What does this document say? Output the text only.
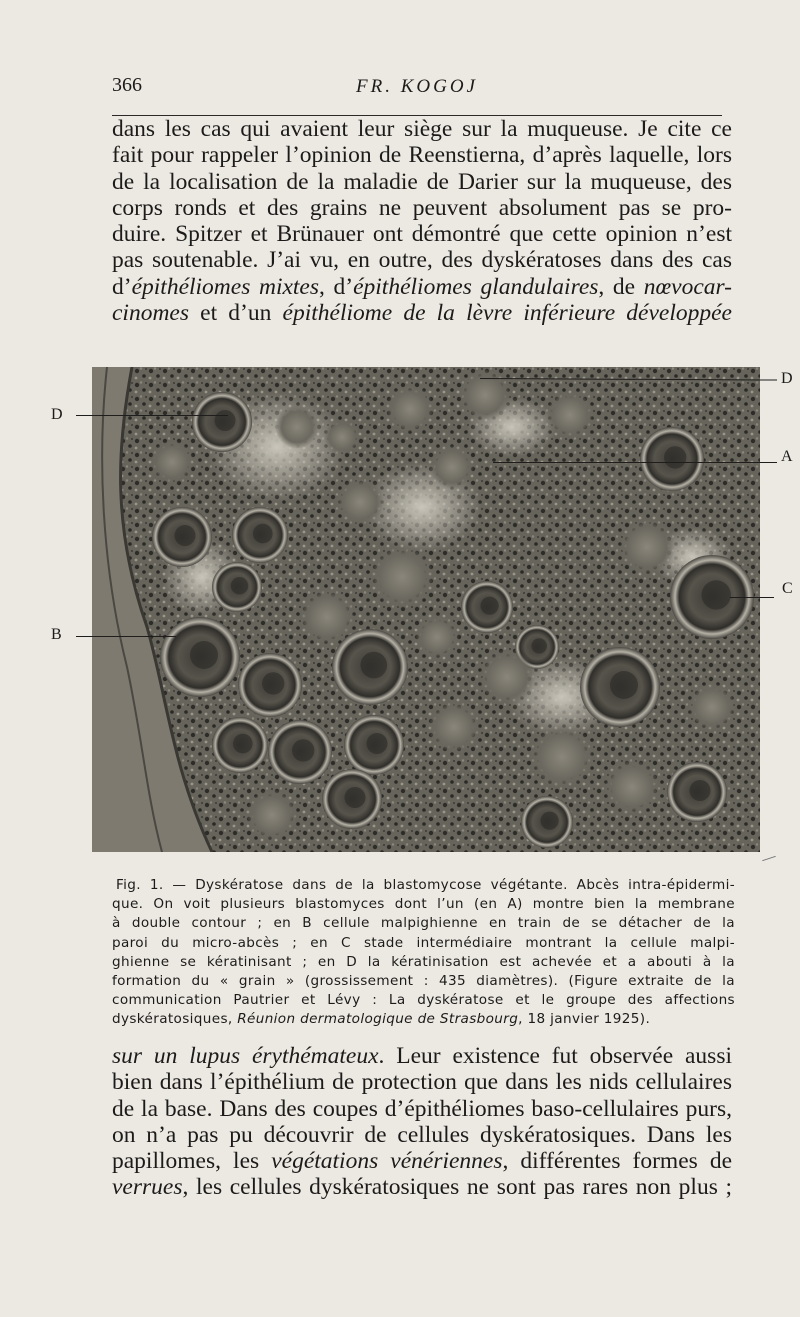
366	FR. KOGOJ
dans les cas qui avaient leur siège sur la muqueuse. Je cite ce
fait pour rappeler l’opinion de Reenstierna, d’après laquelle, lors
de la localisation de la maladie de Darier sur la muqueuse, des
corps ronds et des grains ne peuvent absolument pas se pro-
duire. Spitzer et Brünauer ont démontré que cette opinion n’est
pas soutenable. J’ai vu, en outre, des dyskératoses dans des cas
d’épithéliomes mixtes, d’épithéliomes glandulaires, de nœvocar-
cinomes et d’un épithéliome de la lèvre inférieure développée
D
B
D
A
C
Fig. 1. — Dyskératose dans de la blastomycose végétante. Abcès intra-épidermi-
que. On voit plusieurs blastomyces dont l’un (en A) montre bien la membrane
à double contour ; en B cellule malpighienne en train de se détacher de la
paroi du micro-abcès ; en C stade intermédiaire montrant la cellule malpi-
ghienne se kératinisant ; en D la kératinisation est achevée et a abouti à la
formation du « grain » (grossissement : 435 diamètres). (Figure extraite de la
communication Pautrier et Lévy : La dyskératose et le groupe des affections
dyskératosiques, Réunion dermatologique de Strasbourg, 18 janvier 1925).
sur un lupus érythémateux. Leur existence fut observée aussi
bien dans l’épithélium de protection que dans les nids cellulaires
de la base. Dans des coupes d’épithéliomes baso-cellulaires purs,
on n’a pas pu découvrir de cellules dyskératosiques. Dans les
papillomes, les végétations vénériennes, différentes formes de
verrues, les cellules dyskératosiques ne sont pas rares non plus ;
